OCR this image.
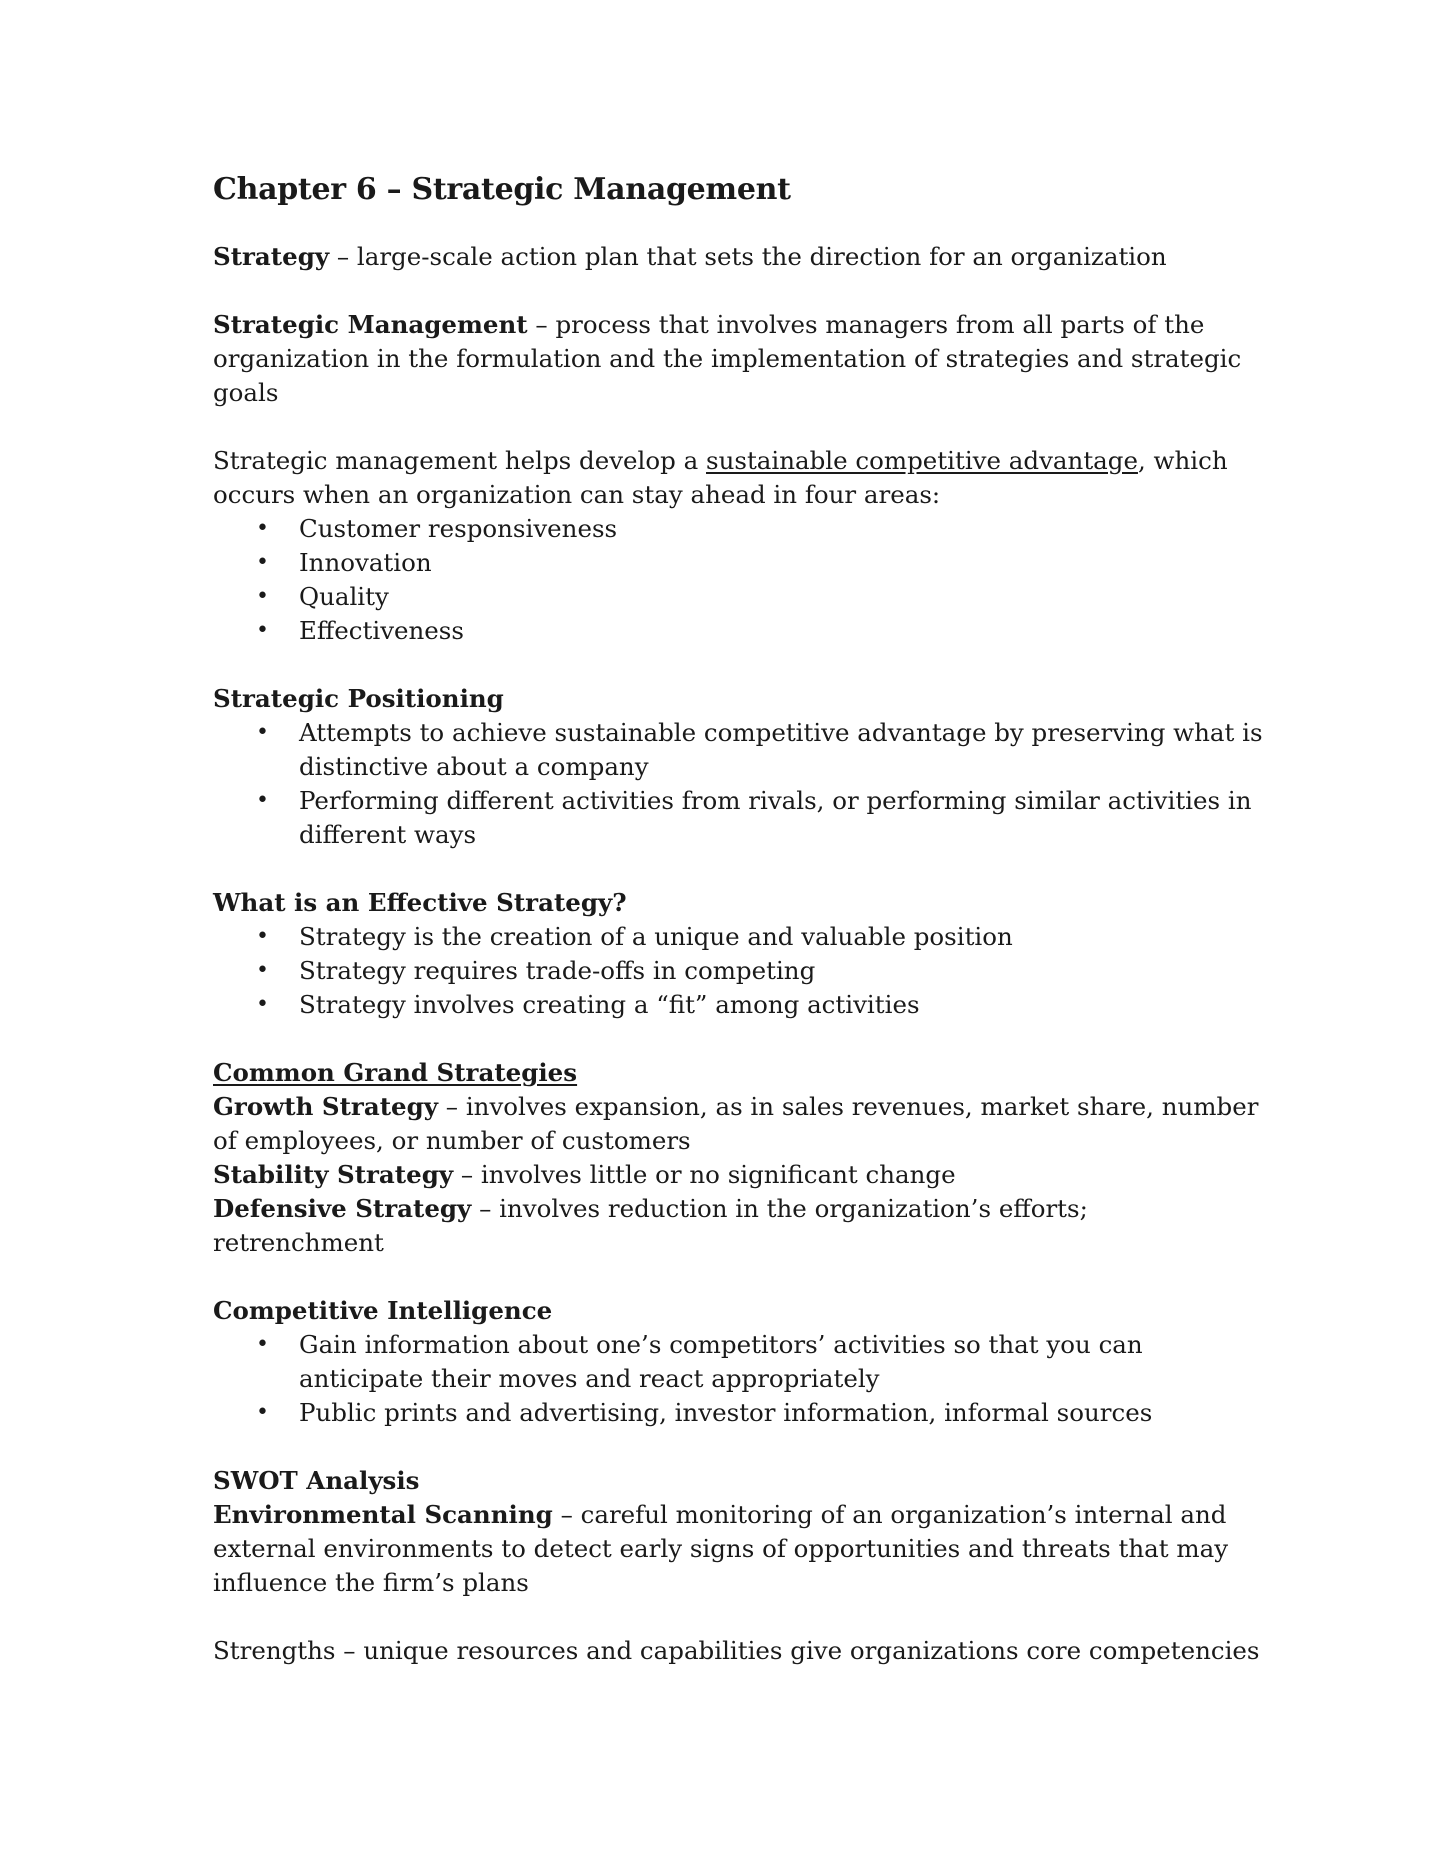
Chapter 6 – Strategic Management

Strategy – large-scale action plan that sets the direction for an organization

Strategic Management – process that involves managers from all parts of the organization in the formulation and the implementation of strategies and strategic goals

Strategic management helps develop a sustainable competitive advantage, which occurs when an organization can stay ahead in four areas:

• Customer responsiveness
• Innovation
• Quality
• Effectiveness

Strategic Positioning

• Attempts to achieve sustainable competitive advantage by preserving what is distinctive about a company
• Performing different activities from rivals, or performing similar activities in different ways

What is an Effective Strategy?

• Strategy is the creation of a unique and valuable position
• Strategy requires trade-offs in competing
• Strategy involves creating a “fit” among activities

Common Grand Strategies

Growth Strategy – involves expansion, as in sales revenues, market share, number of employees, or number of customers

Stability Strategy – involves little or no significant change

Defensive Strategy – involves reduction in the organization’s efforts; retrenchment

Competitive Intelligence

• Gain information about one’s competitors’ activities so that you can anticipate their moves and react appropriately
• Public prints and advertising, investor information, informal sources

SWOT Analysis

Environmental Scanning – careful monitoring of an organization’s internal and external environments to detect early signs of opportunities and threats that may influence the firm’s plans

Strengths – unique resources and capabilities give organizations core competencies
